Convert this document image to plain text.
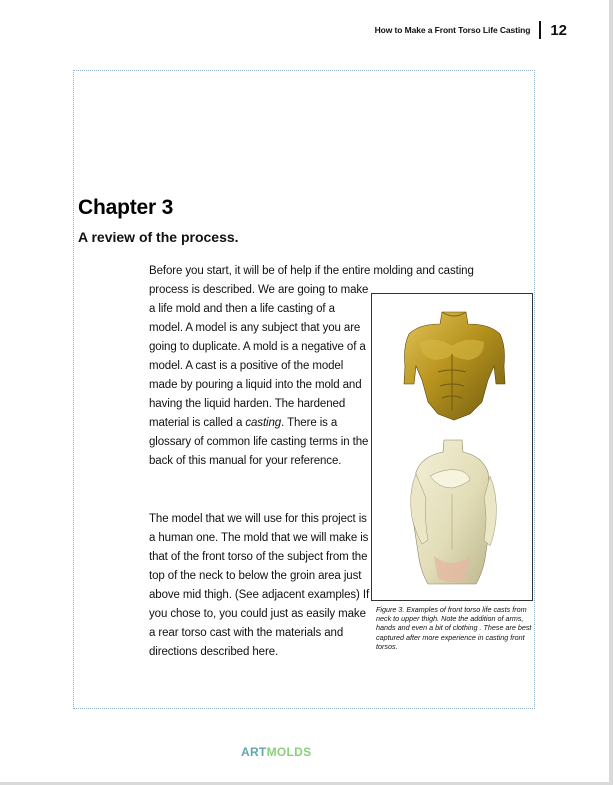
How to Make a Front Torso Life Casting 12
Chapter 3
A review of the process.

Before you start, it will be of help if the entire molding and casting

process is described. We are going to make a life mold and then a life casting of a model. A model is any subject that you are going to duplicate. A mold is a negative of a model. A cast is a positive of the model made by pouring a liquid into the mold and having the liquid harden. The hardened material is called a casting. There is a glossary of common life casting terms in the back of this manual for your reference.

The model that we will use for this project is a human one. The mold that we will make is that of the front torso of the subject from the top of the neck to below the groin area just above mid thigh. (See adjacent examples) If you chose to, you could just as easily make a rear torso cast with the materials and directions described here.

Figure 3. Examples of front torso life casts from neck to upper thigh. Note the addition of arms, hands and even a bit of clothing . These are best captured after more experience in casting front torsos.

ARTMOLDS
